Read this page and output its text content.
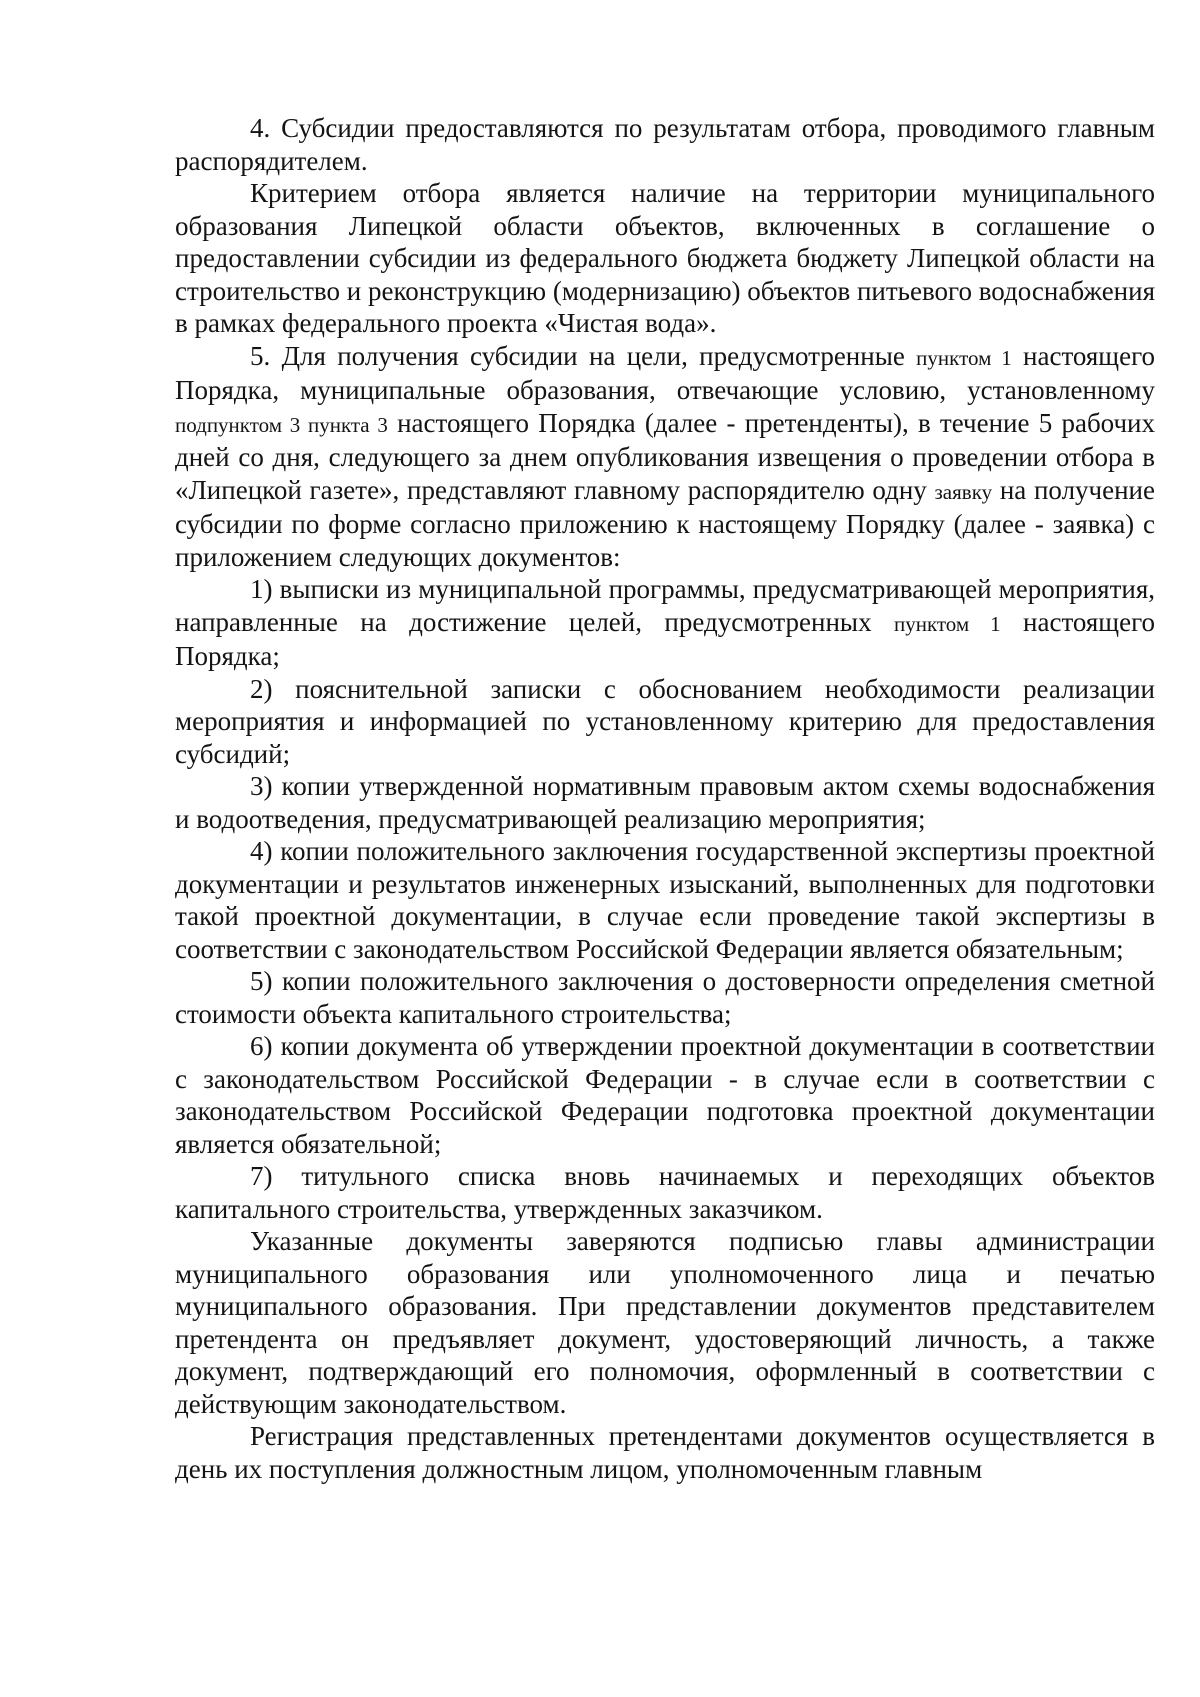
4. Субсидии предоставляются по результатам отбора, проводимого главным распорядителем.

Критерием отбора является наличие на территории муниципального образования Липецкой области объектов, включенных в соглашение о предоставлении субсидии из федерального бюджета бюджету Липецкой области на строительство и реконструкцию (модернизацию) объектов питьевого водоснабжения в рамках федерального проекта «Чистая вода».

5. Для получения субсидии на цели, предусмотренные пунктом 1 настоящего Порядка, муниципальные образования, отвечающие условию, установленному подпунктом 3 пункта 3 настоящего Порядка (далее - претенденты), в течение 5 рабочих дней со дня, следующего за днем опубликования извещения о проведении отбора в «Липецкой газете», представляют главному распорядителю одну заявку на получение субсидии по форме согласно приложению к настоящему Порядку (далее - заявка) с приложением следующих документов:

1) выписки из муниципальной программы, предусматривающей мероприятия, направленные на достижение целей, предусмотренных пунктом 1 настоящего Порядка;

2) пояснительной записки с обоснованием необходимости реализации мероприятия и информацией по установленному критерию для предоставления субсидий;

3) копии утвержденной нормативным правовым актом схемы водоснабжения и водоотведения, предусматривающей реализацию мероприятия;

4) копии положительного заключения государственной экспертизы проектной документации и результатов инженерных изысканий, выполненных для подготовки такой проектной документации, в случае если проведение такой экспертизы в соответствии с законодательством Российской Федерации является обязательным;

5) копии положительного заключения о достоверности определения сметной стоимости объекта капитального строительства;

6) копии документа об утверждении проектной документации в соответствии с законодательством Российской Федерации - в случае если в соответствии с законодательством Российской Федерации подготовка проектной документации является обязательной;

7) титульного списка вновь начинаемых и переходящих объектов капитального строительства, утвержденных заказчиком.

Указанные документы заверяются подписью главы администрации муниципального образования или уполномоченного лица и печатью муниципального образования. При представлении документов представителем претендента он предъявляет документ, удостоверяющий личность, а также документ, подтверждающий его полномочия, оформленный в соответствии с действующим законодательством.

Регистрация представленных претендентами документов осуществляется в день их поступления должностным лицом, уполномоченным главным
